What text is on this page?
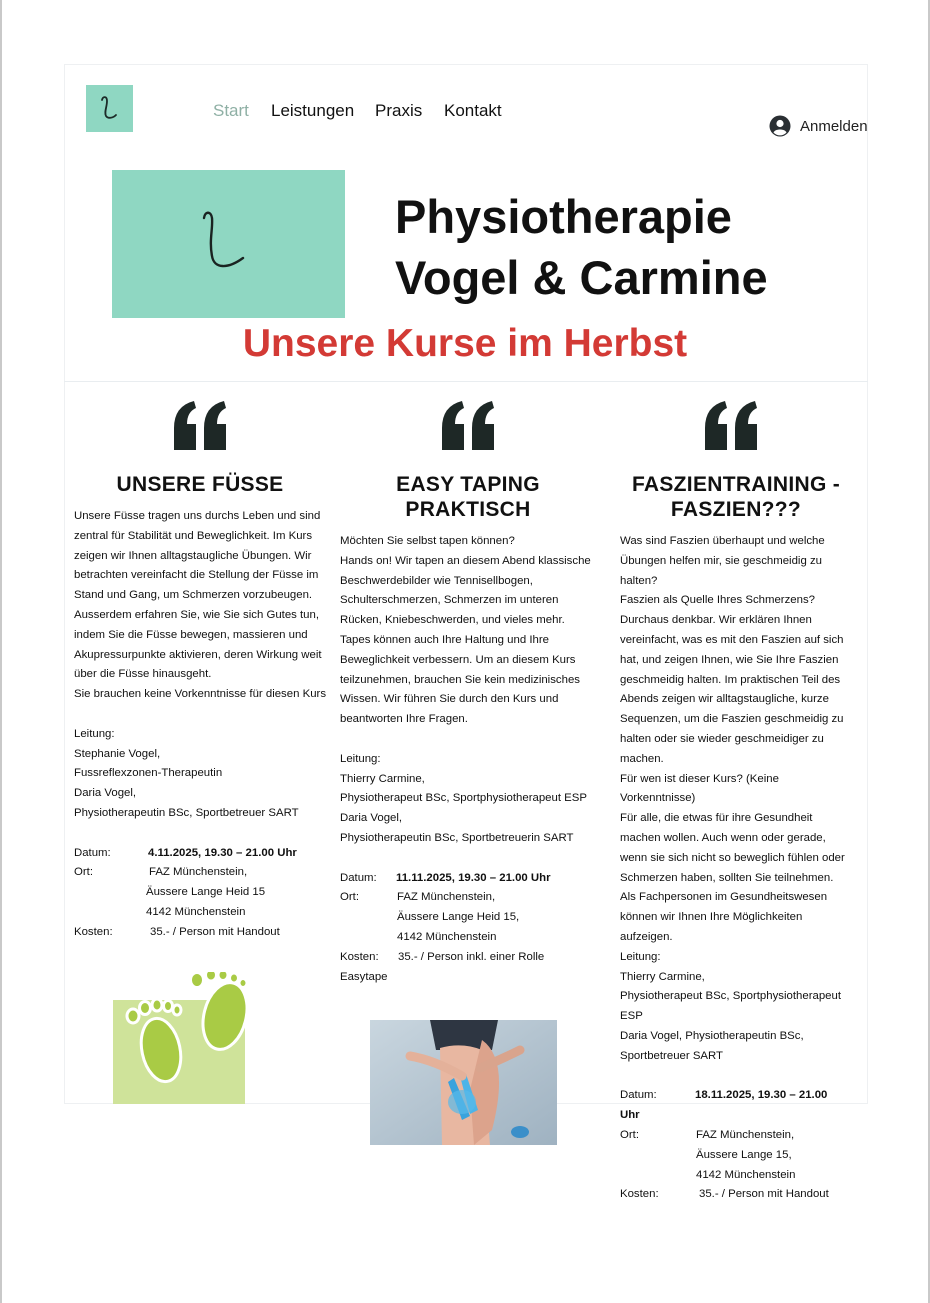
Start Leistungen Praxis Kontakt
Anmelden
Physiotherapie
Vogel & Carmine
Unsere Kurse im Herbst
UNSERE FÜSSE

Unsere Füsse tragen uns durchs Leben und sind

zentral für Stabilität und Beweglichkeit. Im Kurs

zeigen wir Ihnen alltagstaugliche Übungen. Wir

betrachten vereinfacht die Stellung der Füsse im

Stand und Gang, um Schmerzen vorzubeugen.

Ausserdem erfahren Sie, wie Sie sich Gutes tun,

indem Sie die Füsse bewegen, massieren und

Akupressurpunkte aktivieren, deren Wirkung weit

über die Füsse hinausgeht.

Sie brauchen keine Vorkenntnisse für diesen Kurs

Leitung:

Stephanie Vogel,

Fussreflexzonen-Therapeutin

Daria Vogel,

Physiotherapeutin BSc, Sportbetreuer SART

Datum:	4.11.2025, 19.30 – 21.00 Uhr
Ort:	FAZ Münchenstein,

Äussere Lange Heid 15

4142 Münchenstein

Kosten:	35.- / Person mit Handout
EASY TAPING
PRAKTISCH

Möchten Sie selbst tapen können?

Hands on! Wir tapen an diesem Abend klassische

Beschwerdebilder wie Tennisellbogen,

Schulterschmerzen, Schmerzen im unteren

Rücken, Kniebeschwerden, und vieles mehr.

Tapes können auch Ihre Haltung und Ihre

Beweglichkeit verbessern. Um an diesem Kurs

teilzunehmen, brauchen Sie kein medizinisches

Wissen. Wir führen Sie durch den Kurs und

beantworten Ihre Fragen.

Leitung:

Thierry Carmine,

Physiotherapeut BSc, Sportphysiotherapeut ESP

Daria Vogel,

Physiotherapeutin BSc, Sportbetreuerin SART

Datum:	11.11.2025, 19.30 – 21.00 Uhr
Ort:	FAZ Münchenstein,

Äussere Lange Heid 15,

4142 Münchenstein

Kosten:	35.- / Person inkl. einer Rolle

Easytape

FASZIENTRAINING -
FASZIEN???

Was sind Faszien überhaupt und welche

Übungen helfen mir, sie geschmeidig zu

halten?

Faszien als Quelle Ihres Schmerzens?

Durchaus denkbar. Wir erklären Ihnen

vereinfacht, was es mit den Faszien auf sich

hat, und zeigen Ihnen, wie Sie Ihre Faszien

geschmeidig halten. Im praktischen Teil des

Abends zeigen wir alltagstaugliche, kurze

Sequenzen, um die Faszien geschmeidig zu

halten oder sie wieder geschmeidiger zu

machen.

Für wen ist dieser Kurs? (Keine

Vorkenntnisse)

Für alle, die etwas für ihre Gesundheit

machen wollen. Auch wenn oder gerade,

wenn sie sich nicht so beweglich fühlen oder

Schmerzen haben, sollten Sie teilnehmen.

Als Fachpersonen im Gesundheitswesen

können wir Ihnen Ihre Möglichkeiten

aufzeigen.

Leitung:

Thierry Carmine,

Physiotherapeut BSc, Sportphysiotherapeut

ESP

Daria Vogel, Physiotherapeutin BSc,

Sportbetreuer SART

Datum:	18.11.2025, 19.30 – 21.00

Uhr

Ort:	FAZ Münchenstein,

Äussere Lange 15,

4142 Münchenstein

Kosten:	35.- / Person mit Handout
